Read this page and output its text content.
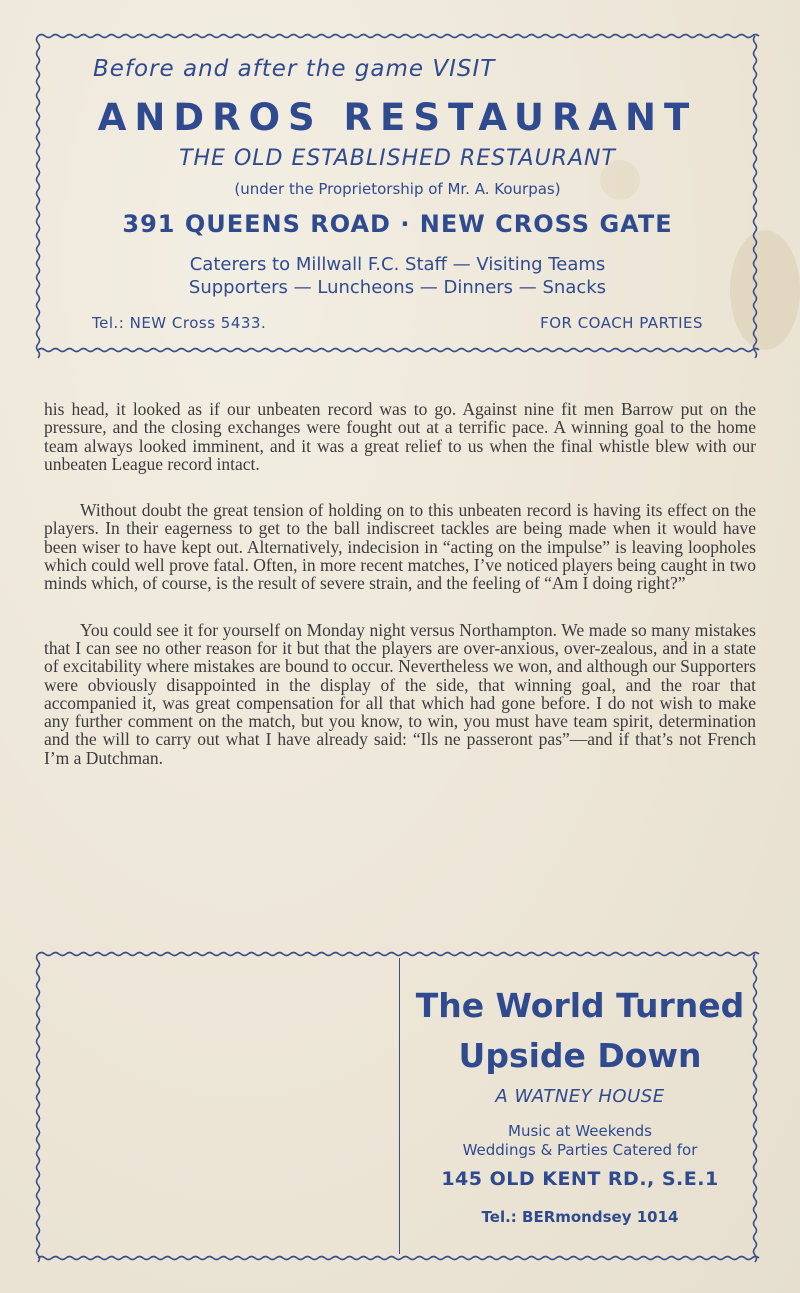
Before and after the game VISIT
ANDROS RESTAURANT
THE OLD ESTABLISHED RESTAURANT
(under the Proprietorship of Mr. A. Kourpas)
391 QUEENS ROAD · NEW CROSS GATE
Caterers to Millwall F.C. Staff — Visiting Teams
Supporters — Luncheons — Dinners — Snacks
Tel.: NEW Cross 5433.	FOR COACH PARTIES

his head, it looked as if our unbeaten record was to go. Against nine fit men Barrow put on the pressure, and the closing exchanges were fought out at a terrific pace. A winning goal to the home team always looked imminent, and it was a great relief to us when the final whistle blew with our unbeaten League record intact.

Without doubt the great tension of holding on to this unbeaten record is having its effect on the players. In their eagerness to get to the ball indiscreet tackles are being made when it would have been wiser to have kept out. Alternatively, indecision in “acting on the impulse” is leaving loopholes which could well prove fatal. Often, in more recent matches, I’ve noticed players being caught in two minds which, of course, is the result of severe strain, and the feeling of “Am I doing right?”

You could see it for yourself on Monday night versus Northampton. We made so many mistakes that I can see no other reason for it but that the players are over-anxious, over-zealous, and in a state of excitability where mistakes are bound to occur. Nevertheless we won, and although our Supporters were obviously disappointed in the display of the side, that winning goal, and the roar that accompanied it, was great compensation for all that which had gone before. I do not wish to make any further comment on the match, but you know, to win, you must have team spirit, determination and the will to carry out what I have already said: “Ils ne passeront pas”—and if that’s not French I’m a Dutchman.

The World Turned
Upside Down
A WATNEY HOUSE
Music at Weekends
Weddings & Parties Catered for
145 OLD KENT RD., S.E.1
Tel.: BERmondsey 1014
